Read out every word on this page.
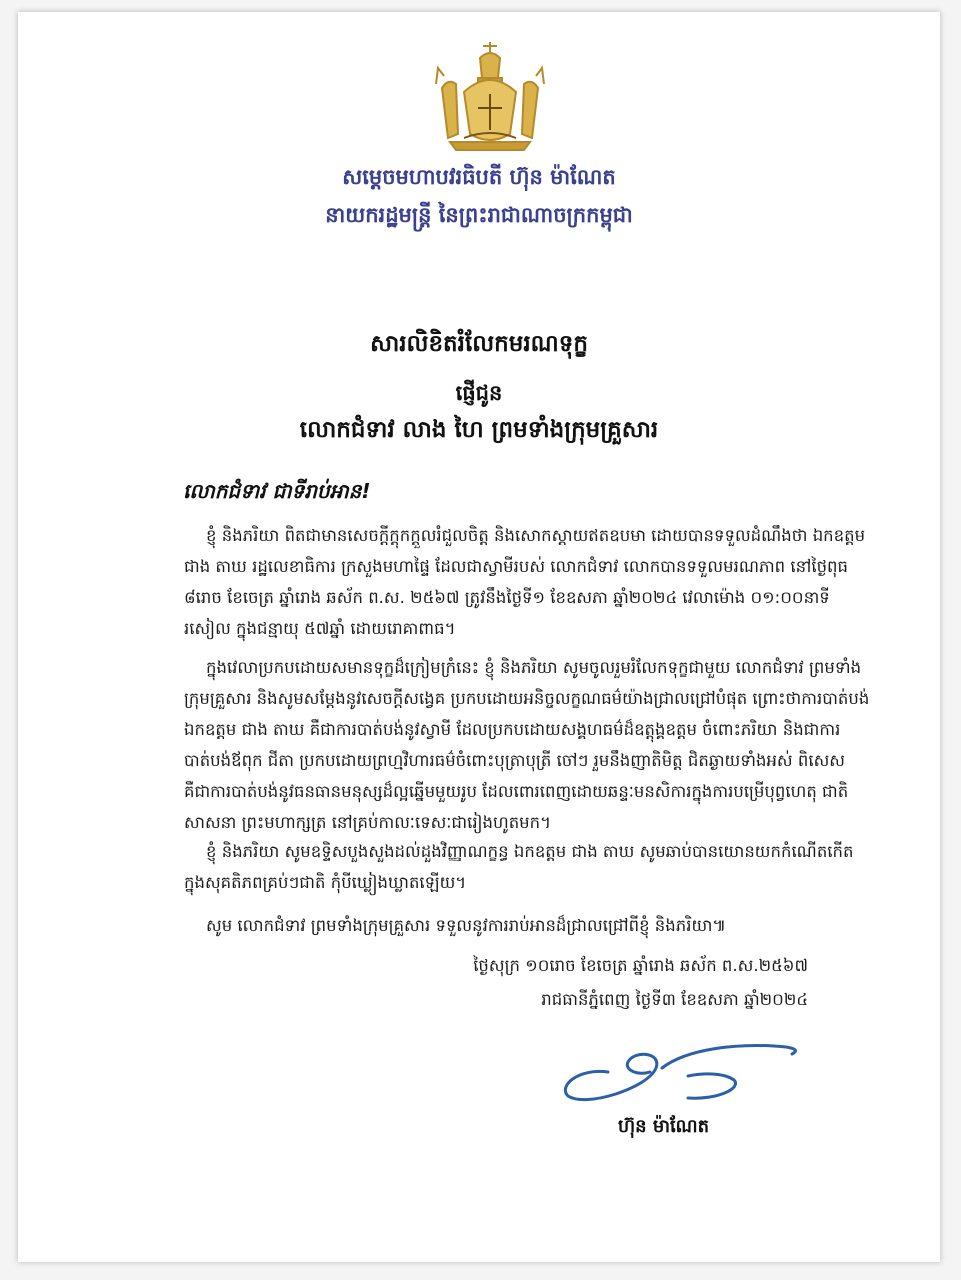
សម្ដេចមហាបវរធិបតី ហ៊ុន ម៉ាណែត
នាយករដ្ឋមន្ត្រី នៃព្រះរាជាណាចក្រកម្ពុជា
សារលិខិតរំលែកមរណទុក្ខ
ផ្ញើជូន
លោកជំទាវ លាង ហៃ ព្រមទាំងក្រុមគ្រួសារ
លោកជំទាវ ជាទីរាប់អាន!
ខ្ញុំ និងភរិយា ពិតជាមានសេចក្ដីក្ដុកក្ដួលរំជួលចិត្ត និងសោកស្ដាយឥតឧបមា ដោយបានទទួលដំណឹងថា ឯកឧត្តម ជាង តាឃ រដ្ឋលេខាធិការ ក្រសួងមហាផ្ទៃ ដែលជាស្វាមីរបស់ លោកជំទាវ លោកបានទទួលមរណភាព នៅថ្ងៃពុធ ៨រោច ខែចេត្រ ឆ្នាំរោង ឆស័ក ព.ស. ២៥៦៧ ត្រូវនឹងថ្ងៃទី១ ខែឧសភា ឆ្នាំ២០២៤ វេលាម៉ោង ០១:០០នាទីរសៀល ក្នុងជន្មាយុ ៥៧ឆ្នាំ ដោយរោគាពាធ។
ក្នុងវេលាប្រកបដោយសមានទុក្ខដ៏ក្រៀមក្រំនេះ ខ្ញុំ និងភរិយា សូមចូលរួមរំលែកទុក្ខជាមួយ លោកជំទាវ ព្រមទាំងក្រុមគ្រួសារ និងសូមសម្ដែងនូវសេចក្ដីសង្វេគ ប្រកបដោយអនិច្ចលក្ខណធម៌យ៉ាងជ្រាលជ្រៅបំផុត ព្រោះថាការបាត់បង់ ឯកឧត្តម ជាង តាឃ គឺជាការបាត់បង់នូវស្វាមី ដែលប្រកបដោយសង្គហធម៌ដ៏ឧត្តុង្គឧត្តម ចំពោះភរិយា និងជាការបាត់បង់ឪពុក ជីតា ប្រកបដោយព្រហ្មវិហារធម៌ចំពោះបុត្រាបុត្រី ចៅៗ រួមនឹងញាតិមិត្ត ជិតឆ្ងាយទាំងអស់ ពិសេស គឺជាការបាត់បង់នូវធនធានមនុស្សដ៏ល្អឆ្នើមមួយរូប ដែលពោរពេញដោយឆន្ទៈមនសិការក្នុងការបម្រើបុព្វហេតុ ជាតិ សាសនា ព្រះមហាក្សត្រ នៅគ្រប់កាលៈទេសៈជារៀងហូតមក។
ខ្ញុំ និងភរិយា សូមឧទ្ទិសបួងសួងដល់ដួងវិញ្ញាណក្ខន្ធ ឯកឧត្តម ជាង តាឃ សូមឆាប់បានយោនយកកំណើតកើតក្នុងសុគតិភពគ្រប់ៗជាតិ កុំបីឃ្លៀងឃ្លាតឡើយ។
សូម លោកជំទាវ ព្រមទាំងក្រុមគ្រួសារ ទទួលនូវការរាប់អានដ៏ជ្រាលជ្រៅពីខ្ញុំ និងភរិយា៕
ថ្ងៃសុក្រ ១០រោច ខែចេត្រ ឆ្នាំរោង ឆស័ក ព.ស.២៥៦៧
រាជធានីភ្នំពេញ ថ្ងៃទី៣ ខែឧសភា ឆ្នាំ២០២៤
ហ៊ុន ម៉ាណែត
